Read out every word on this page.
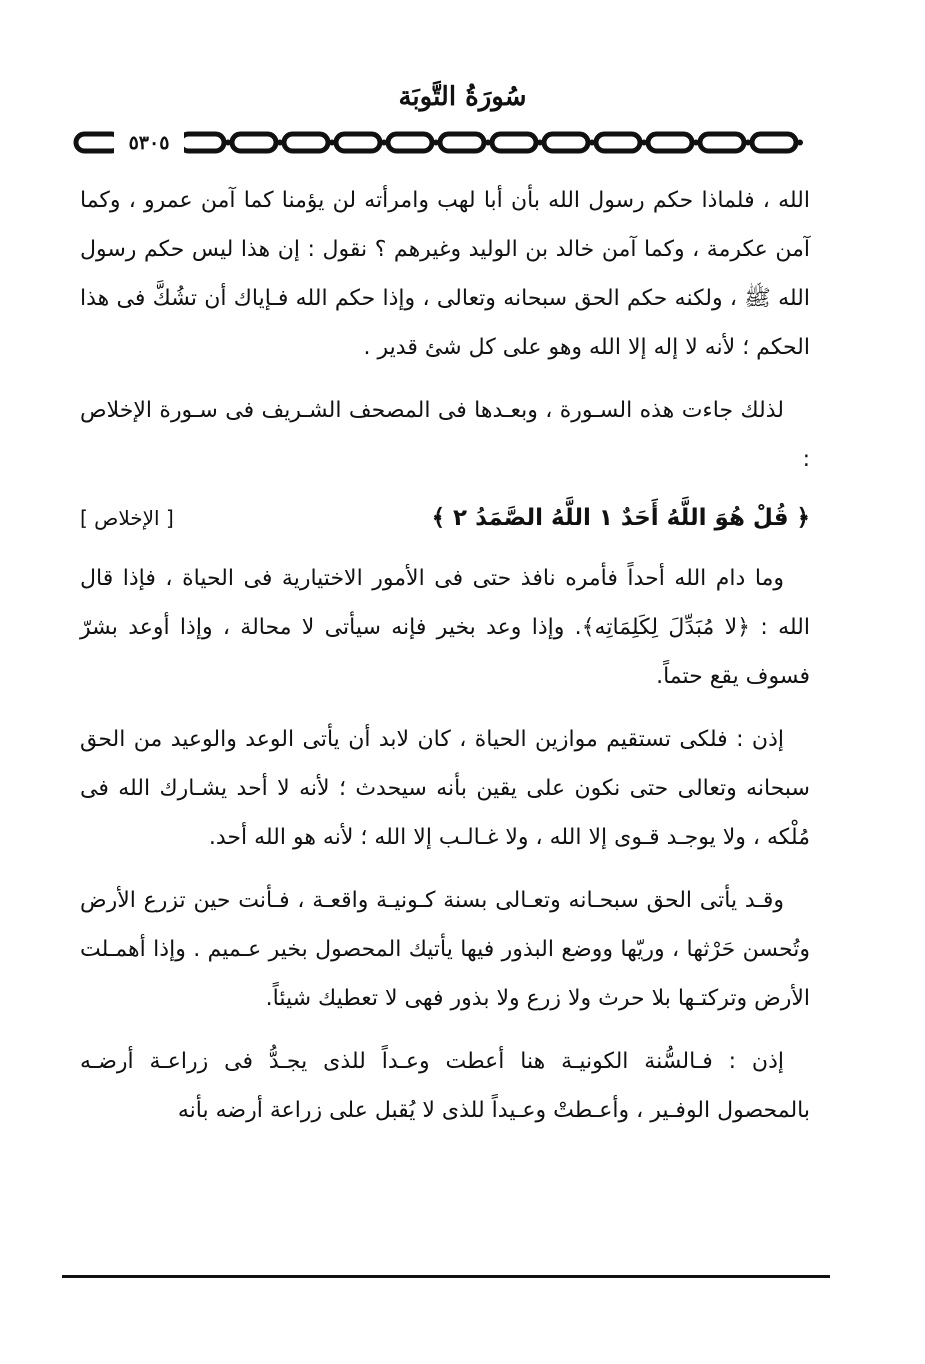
سُورَةُ التَّوبَة
٥٣٠٥

الله ، فلماذا حكم رسول الله بأن أبا لهب وامرأته لن يؤمنا كما آمن عمرو ، وكما آمن عكرمة ، وكما آمن خالد بن الوليد وغيرهم ؟ نقول : إن هذا ليس حكم رسول الله ﷺ ، ولكنه حكم الحق سبحانه وتعالى ، وإذا حكم الله فـإياك أن تشُكَّ فى هذا الحكم ؛ لأنه لا إله إلا الله وهو على كل شئ قدير .

لذلك جاءت هذه السـورة ، وبعـدها فى المصحف الشـريف فى سـورة الإخلاص :

﴿ قُلْ هُوَ اللَّهُ أَحَدٌ ١ اللَّهُ الصَّمَدُ ٢ ﴾
[ الإخلاص ]

وما دام الله أحداً فأمره نافذ حتى فى الأمور الاختيارية فى الحياة ، فإذا قال الله : ﴿لا مُبَدِّلَ لِكَلِمَاتِه﴾. وإذا وعد بخير فإنه سيأتى لا محالة ، وإذا أوعد بشرّ فسوف يقع حتماً.

إذن : فلكى تستقيم موازين الحياة ، كان لابد أن يأتى الوعد والوعيد من الحق سبحانه وتعالى حتى نكون على يقين بأنه سيحدث ؛ لأنه لا أحد يشـارك الله فى مُلْكه ، ولا يوجـد قـوى إلا الله ، ولا غـالـب إلا الله ؛ لأنه هو الله أحد.

وقـد يأتى الحق سبحـانه وتعـالى بسنة كـونيـة واقعـة ، فـأنت حين تزرع الأرض وتُحسن حَرْثها ، وريّها ووضع البذور فيها يأتيك المحصول بخير عـميم . وإذا أهمـلت الأرض وتركتـها بلا حرث ولا زرع ولا بذور فهى لا تعطيك شيئاً.

إذن : فـالسُّنة الكونيـة هنا أعطت وعـداً للذى يجـدُّ فى زراعـة أرضـه بالمحصول الوفـير ، وأعـطتْ وعـيداً للذى لا يُقبل على زراعة أرضه بأنه
